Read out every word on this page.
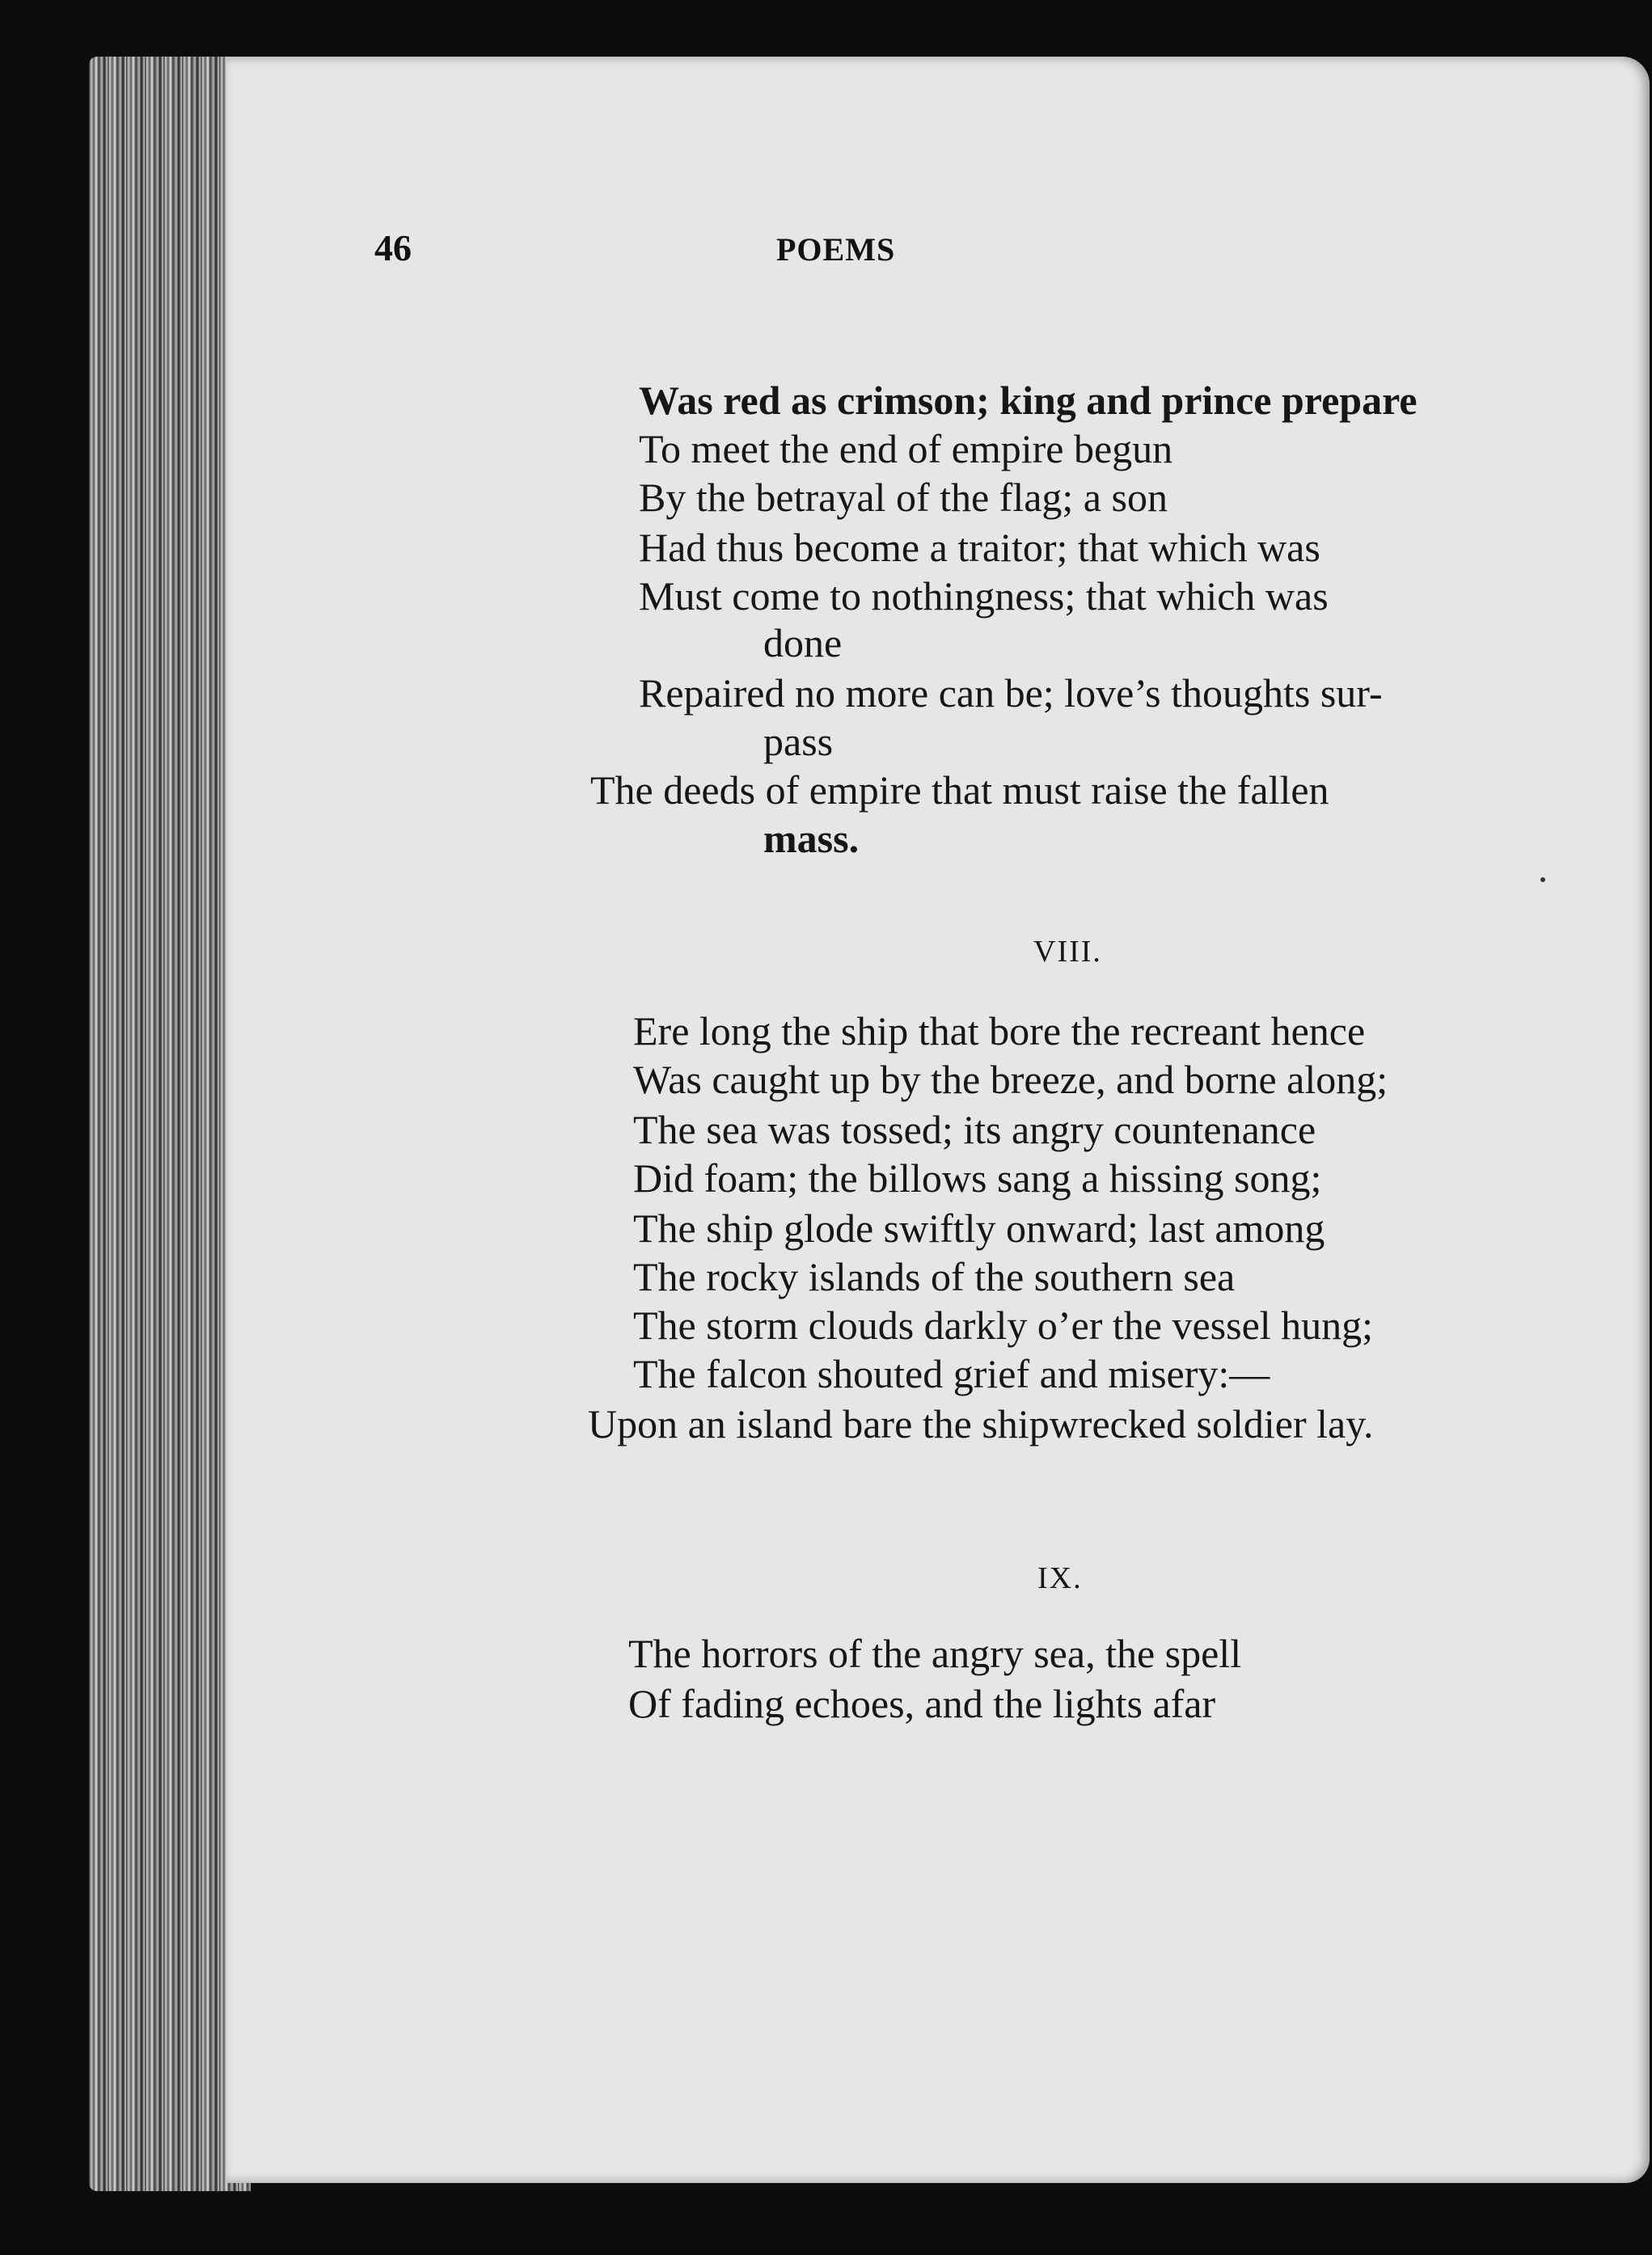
46	POEMS
Was red as crimson; king and prince prepare
To meet the end of empire begun
By the betrayal of the flag; a son
Had thus become a traitor; that which was
Must come to nothingness; that which was
done
Repaired no more can be; love’s thoughts sur-
pass
The deeds of empire that must raise the fallen
mass.
VIII.
Ere long the ship that bore the recreant hence
Was caught up by the breeze, and borne along;
The sea was tossed; its angry countenance
Did foam; the billows sang a hissing song;
The ship glode swiftly onward; last among
The rocky islands of the southern sea
The storm clouds darkly o’er the vessel hung;
The falcon shouted grief and misery:—
Upon an island bare the shipwrecked soldier lay.
IX.
The horrors of the angry sea, the spell
Of fading echoes, and the lights afar
